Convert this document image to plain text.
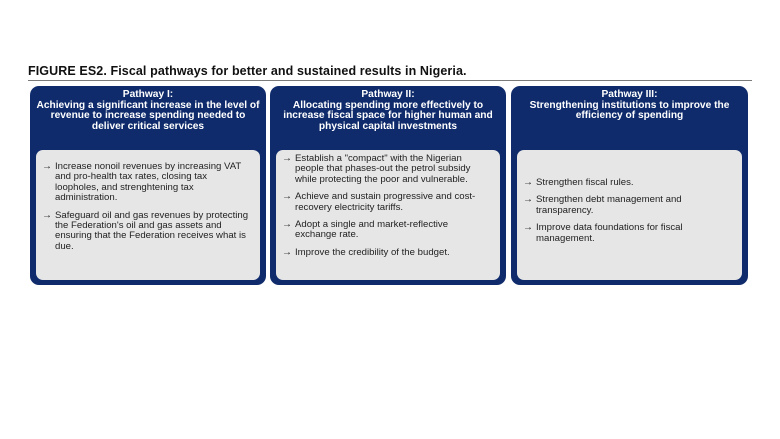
FIGURE ES2. Fiscal pathways for better and sustained results in Nigeria.
Pathway I:
Achieving a significant increase in the level of revenue to increase spending needed to deliver critical services
→ Increase nonoil revenues by increasing VAT and pro-health tax rates, closing tax loopholes, and strenghtening tax administration.
→ Safeguard oil and gas revenues by protecting the Federation's oil and gas assets and ensuring that the Federation receives what is due.
Pathway II:
Allocating spending more effectively to increase fiscal space for higher human and physical capital investments
→ Establish a "compact" with the Nigerian people that phases-out the petrol subsidy while protecting the poor and vulnerable.
→ Achieve and sustain progressive and cost-recovery electricity tariffs.
→ Adopt a single and market-reflective exchange rate.
→ Improve the credibility of the budget.
Pathway III:
Strengthening institutions to improve the efficiency of spending
→ Strengthen fiscal rules.
→ Strengthen debt management and transparency.
→ Improve data foundations for fiscal management.
